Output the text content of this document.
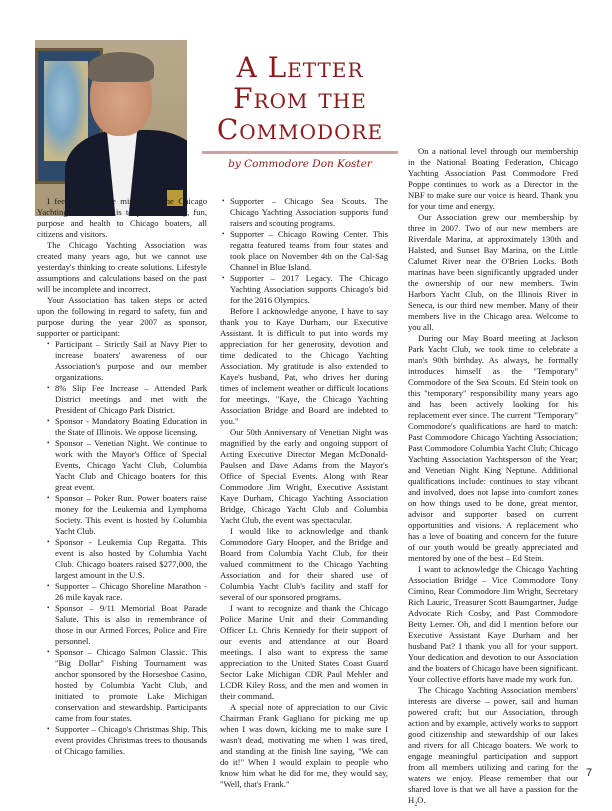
A Letter
From the
Commodore
by Commodore Don Koster

I feel that the life mission of the Chicago Yachting Association is to provide safety, fun, purpose and health to Chicago boaters, all citizens and visitors.

The Chicago Yachting Association was created many years ago, but we cannot use yesterday's thinking to create solutions. Lifestyle assumptions and calculations based on the past will be incomplete and incorrect.

Your Association has taken steps or acted upon the following in regard to safety, fun and purpose during the year 2007 as sponsor, supporter or participant:

• Participant – Strictly Sail at Navy Pier to increase boaters' awareness of our Association's purpose and our member organizations.
• 8% Slip Fee Increase – Attended Park District meetings and met with the President of Chicago Park District.
• Sponsor - Mandatory Boating Education in the State of Illinois. We oppose licensing.
• Sponsor – Venetian Night. We continue to work with the Mayor's Office of Special Events, Chicago Yacht Club, Columbia Yacht Club and Chicago boaters for this great event.
• Sponsor – Poker Run. Power boaters raise money for the Leukemia and Lymphoma Society. This event is hosted by Columbia Yacht Club.
• Sponsor - Leukemia Cup Regatta. This event is also hosted by Columbia Yacht Club. Chicago boaters raised $277,000, the largest amount in the U.S.
• Supporter – Chicago Shoreline Marathon - 26 mile kayak race.
• Sponsor – 9/11 Memorial Boat Parade Salute. This is also in remembrance of those in our Armed Forces, Police and Fire personnel.
• Sponsor – Chicago Salmon Classic. This "Big Dollar" Fishing Tournament was anchor sponsored by the Horseshoe Casino, hosted by Columbia Yacht Club, and initiated to promote Lake Michigan conservation and stewardship. Participants came from four states.
• Supporter – Chicago's Christmas Ship. This event provides Christmas trees to thousands of Chicago families.
• Supporter – Chicago Sea Scouts. The Chicago Yachting Association supports fund raisers and scouting programs.
• Supporter – Chicago Rowing Center. This regatta featured teams from four states and took place on November 4th on the Cal-Sag Channel in Blue Island.
• Supporter – 2017 Legacy. The Chicago Yachting Association supports Chicago's bid for the 2016 Olympics.

Before I acknowledge anyone, I have to say thank you to Kaye Durham, our Executive Assistant. It is difficult to put into words my appreciation for her generosity, devotion and time dedicated to the Chicago Yachting Association. My gratitude is also extended to Kaye's husband, Pat, who drives her during times of inclement weather or difficult locations for meetings. "Kaye, the Chicago Yachting Association Bridge and Board are indebted to you."

Our 50th Anniversary of Venetian Night was magnified by the early and ongoing support of Acting Executive Director Megan McDonald-Paulsen and Dave Adams from the Mayor's Office of Special Events. Along with Rear Commodore Jim Wright, Executive Assistant Kaye Durham, Chicago Yachting Association Bridge, Chicago Yacht Club and Columbia Yacht Club, the event was spectacular.

I would like to acknowledge and thank Commodore Gary Hooper, and the Bridge and Board from Columbia Yacht Club, for their valued commitment to the Chicago Yachting Association and for their shared use of Columbia Yacht Club's facility and staff for several of our sponsored programs.

I want to recognize and thank the Chicago Police Marine Unit and their Commanding Officer Lt. Chris Kennedy for their support of our events and attendance at our Board meetings. I also want to express the same appreciation to the United States Coast Guard Sector Lake Michigan CDR Paul Mehler and LCDR Kiley Ross, and the men and women in their command.

A special note of appreciation to our Civic Chairman Frank Gagliano for picking me up when I was down, kicking me to make sure I wasn't dead, motivating me when I was tired, and standing at the finish line saying, "We can do it!" When I would explain to people who know him what he did for me, they would say, "Well, that's Frank."

On a national level through our membership in the National Boating Federation, Chicago Yachting Association Past Commodore Fred Poppe continues to work as a Director in the NBF to make sure our voice is heard. Thank you for your time and energy.

Our Association grew our membership by three in 2007. Two of our new members are Riverdale Marina, at approximately 130th and Halsted, and Sunset Bay Marina, on the Little Calumet River near the O'Brien Locks. Both marinas have been significantly upgraded under the ownership of our new members. Twin Harbors Yacht Club, on the Illinois River in Seneca, is our third new member. Many of their members live in the Chicago area. Welcome to you all.

During our May Board meeting at Jackson Park Yacht Club, we took time to celebrate a man's 90th birthday. As always, he formally introduces himself as the "Temporary" Commodore of the Sea Scouts. Ed Stein took on this "temporary" responsibility many years ago and has been actively looking for his replacement ever since. The current "Temporary" Commodore's qualifications are hard to match: Past Commodore Chicago Yachting Association; Past Commodore Columbia Yacht Club; Chicago Yachting Association Yachtsperson of the Year; and Venetian Night King Neptune. Additional qualifications include: continues to stay vibrant and involved, does not lapse into comfort zones on how things used to be done, great mentor, advisor and supporter based on current opportunities and visions. A replacement who has a love of boating and concern for the future of our youth would be greatly appreciated and mentored by one of the best – Ed Stein.

I want to acknowledge the Chicago Yachting Association Bridge – Vice Commodore Tony Cimino, Rear Commodore Jim Wright, Secretary Rich Lauric, Treasurer Scott Baumgartner, Judge Advocate Rich Cosby, and Past Commodore Betty Lerner. Oh, and did I mention before our Executive Assistant Kaye Durham and her husband Pat? I thank you all for your support. Your dedication and devotion to our Association and the boaters of Chicago have been significant. Your collective efforts have made my work fun.

The Chicago Yachting Association members' interests are diverse – power, sail and human powered craft; but our Association, through action and by example, actively works to support good citizenship and stewardship of our lakes and rivers for all Chicago boaters. We work to engage meaningful participation and support from all members utilizing and caring for the waters we enjoy. Please remember that our shared love is that we all have a passion for the $H_2O$.

7
